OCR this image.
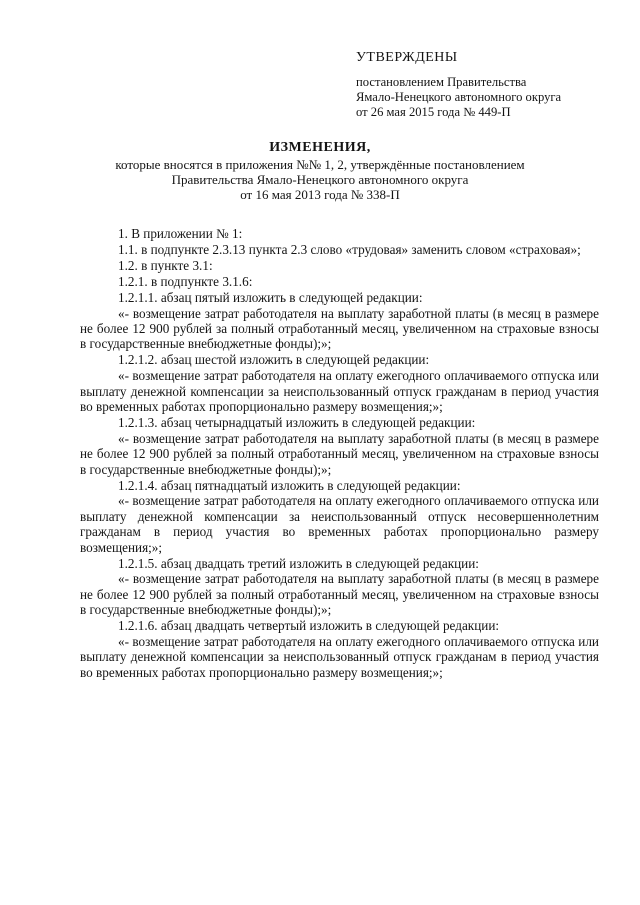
УТВЕРЖДЕНЫ
постановлением Правительства
Ямало-Ненецкого автономного округа
от 26 мая 2015 года № 449-П
ИЗМЕНЕНИЯ,
которые вносятся в приложения №№ 1, 2, утверждённые постановлением
Правительства Ямало-Ненецкого автономного округа
от 16 мая 2013 года № 338-П

1. В приложении № 1:

1.1. в подпункте 2.3.13 пункта 2.3 слово «трудовая» заменить словом «страховая»;

1.2. в пункте 3.1:

1.2.1. в подпункте 3.1.6:

1.2.1.1. абзац пятый изложить в следующей редакции:

«- возмещение затрат работодателя на выплату заработной платы (в месяц в размере не более 12 900 рублей за полный отработанный месяц, увеличенном на страховые взносы в государственные внебюджетные фонды);»;

1.2.1.2. абзац шестой изложить в следующей редакции:

«- возмещение затрат работодателя на оплату ежегодного оплачиваемого отпуска или выплату денежной компенсации за неиспользованный отпуск гражданам в период участия во временных работах пропорционально размеру возмещения;»;

1.2.1.3. абзац четырнадцатый изложить в следующей редакции:

«- возмещение затрат работодателя на выплату заработной платы (в месяц в размере не более 12 900 рублей за полный отработанный месяц, увеличенном на страховые взносы в государственные внебюджетные фонды);»;

1.2.1.4. абзац пятнадцатый изложить в следующей редакции:

«- возмещение затрат работодателя на оплату ежегодного оплачиваемого отпуска или выплату денежной компенсации за неиспользованный отпуск несовершеннолетним гражданам в период участия во временных работах пропорционально размеру возмещения;»;

1.2.1.5. абзац двадцать третий изложить в следующей редакции:

«- возмещение затрат работодателя на выплату заработной платы (в месяц в размере не более 12 900 рублей за полный отработанный месяц, увеличенном на страховые взносы в государственные внебюджетные фонды);»;

1.2.1.6. абзац двадцать четвертый изложить в следующей редакции:

«- возмещение затрат работодателя на оплату ежегодного оплачиваемого отпуска или выплату денежной компенсации за неиспользованный отпуск гражданам в период участия во временных работах пропорционально размеру возмещения;»;
